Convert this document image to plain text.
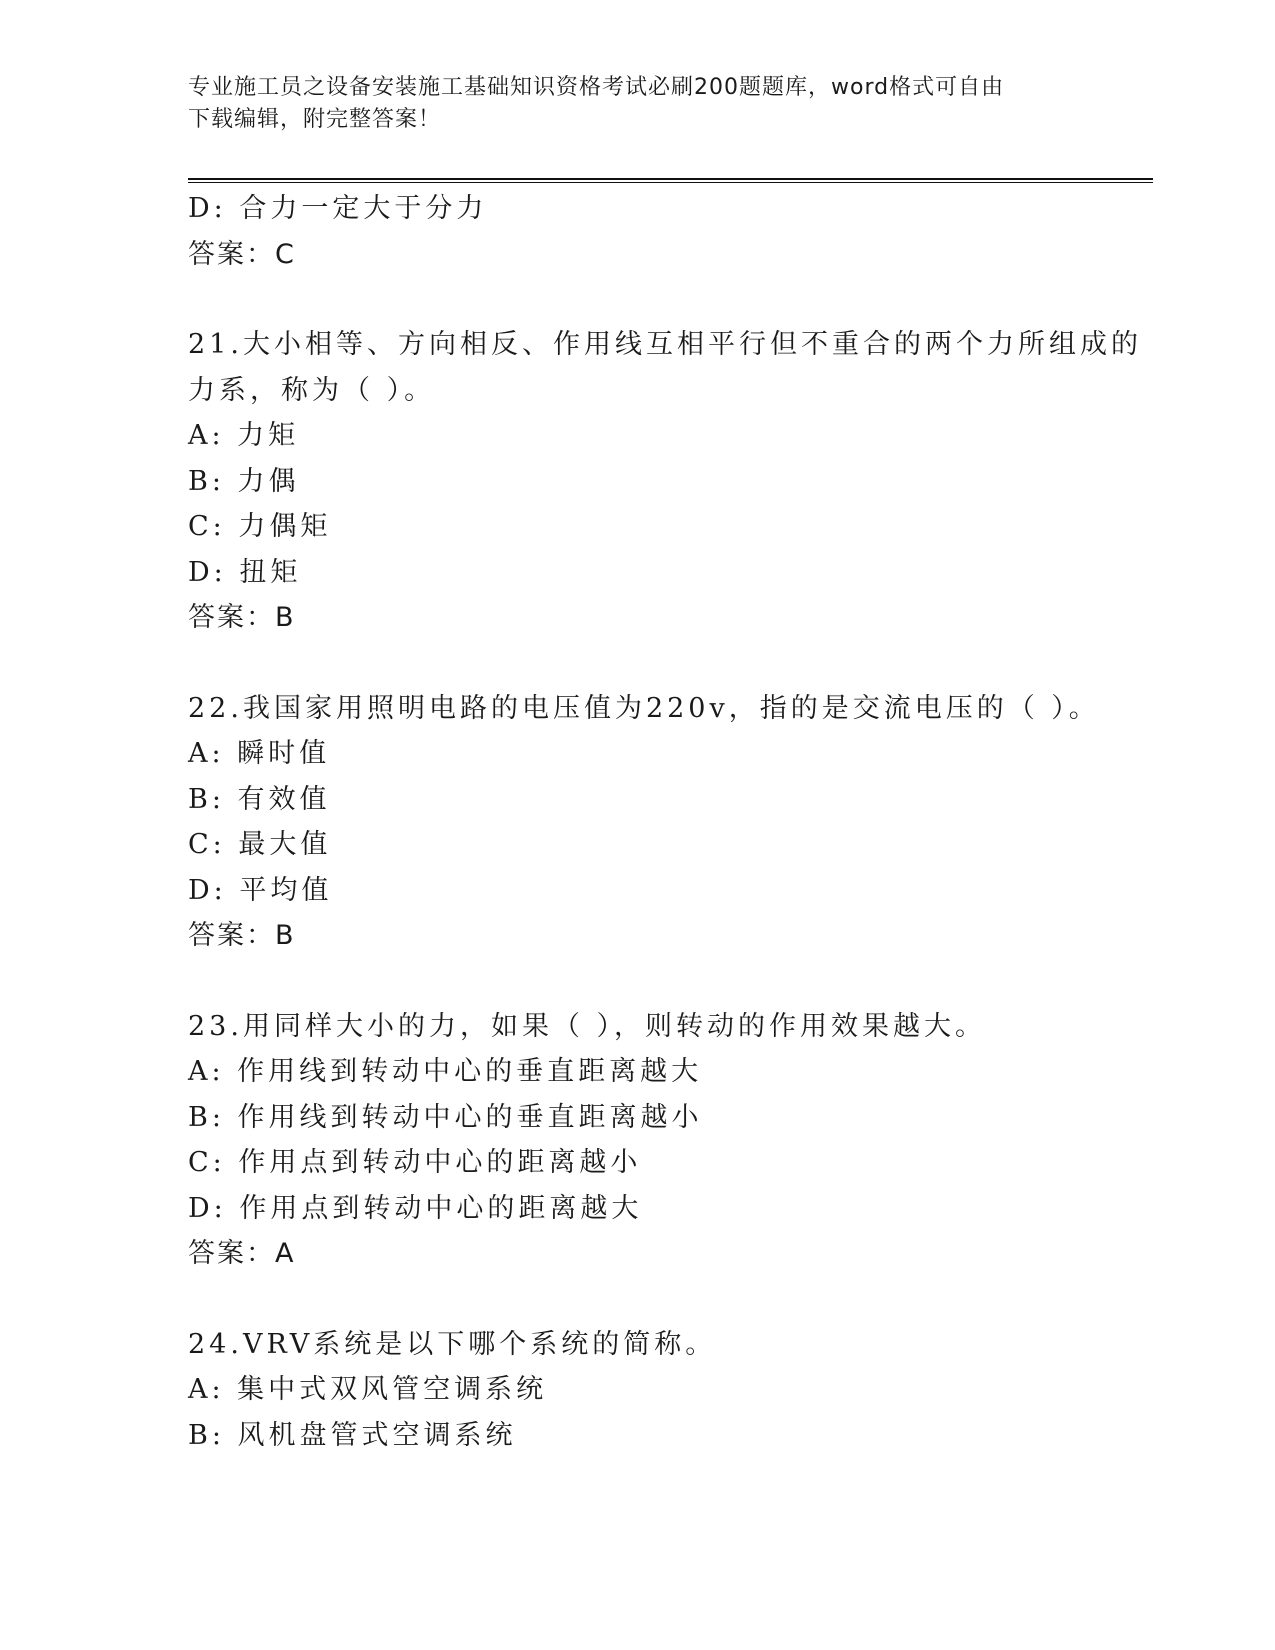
专业施工员之设备安装施工基础知识资格考试必刷200题题库，word格式可自由
下载编辑，附完整答案！
D: 合力一定大于分力
答案：C
21.大小相等、方向相反、作用线互相平行但不重合的两个力所组成的
力系，称为（ ）。
A: 力矩
B: 力偶
C: 力偶矩
D: 扭矩
答案：B
22.我国家用照明电路的电压值为220v，指的是交流电压的（ ）。
A: 瞬时值
B: 有效值
C: 最大值
D: 平均值
答案：B
23.用同样大小的力，如果（ ），则转动的作用效果越大。
A: 作用线到转动中心的垂直距离越大
B: 作用线到转动中心的垂直距离越小
C: 作用点到转动中心的距离越小
D: 作用点到转动中心的距离越大
答案：A
24.VRV系统是以下哪个系统的简称。
A: 集中式双风管空调系统
B: 风机盘管式空调系统
